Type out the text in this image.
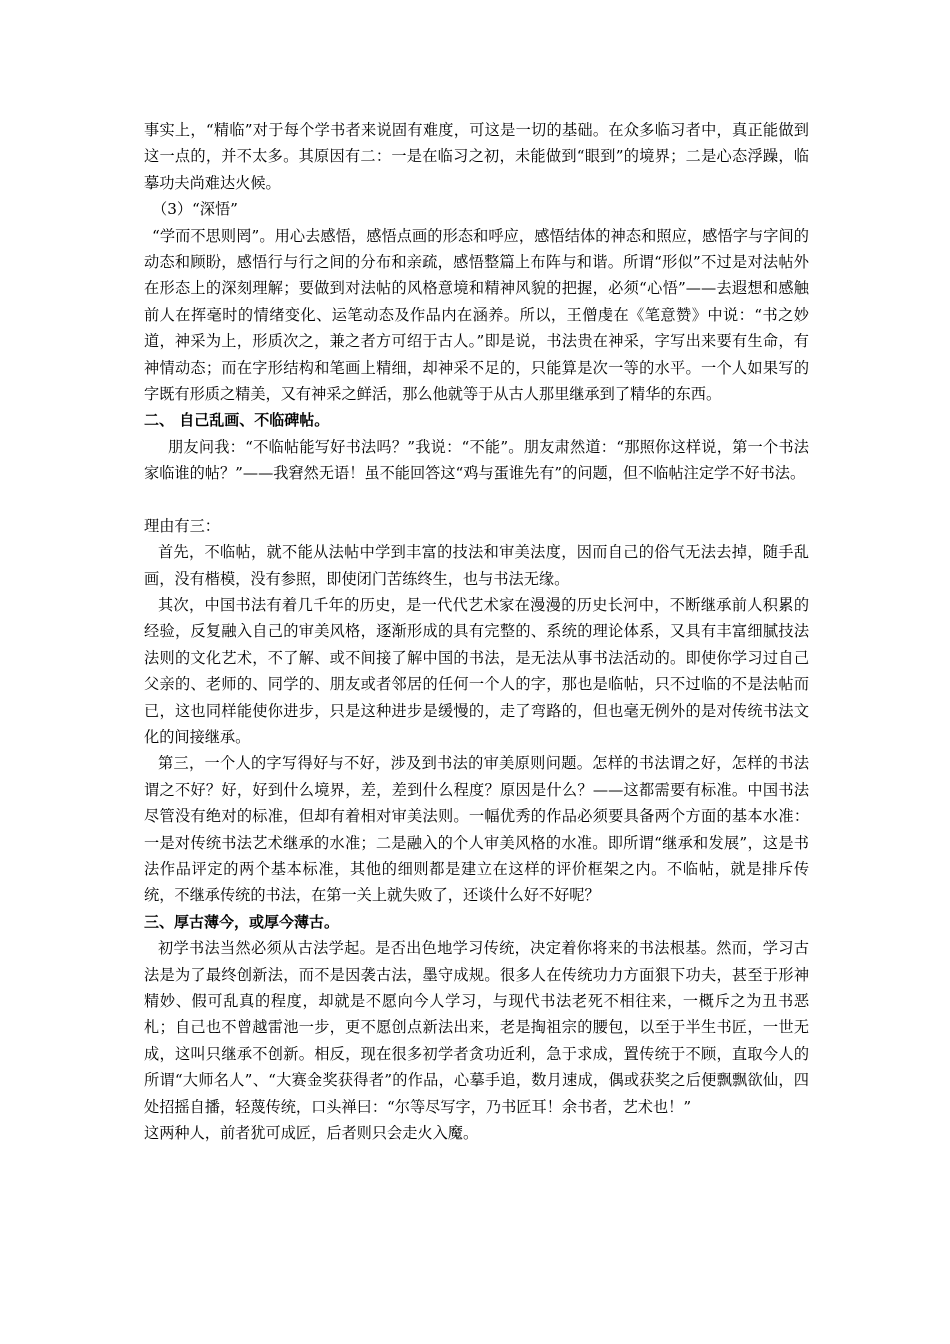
事实上，“精临”对于每个学书者来说固有难度，可这是一切的基础。在众多临习者中，真正能做到这一点的，并不太多。其原因有二：一是在临习之初，未能做到“眼到”的境界；二是心态浮躁，临摹功夫尚难达火候。

（3）“深悟”

“学而不思则罔”。用心去感悟，感悟点画的形态和呼应，感悟结体的神态和照应，感悟字与字间的动态和顾盼，感悟行与行之间的分布和亲疏，感悟整篇上布阵与和谐。所谓“形似”不过是对法帖外在形态上的深刻理解；要做到对法帖的风格意境和精神风貌的把握，必须“心悟”——去遐想和感触前人在挥毫时的情绪变化、运笔动态及作品内在涵养。所以，王僧虔在《笔意赞》中说：“书之妙道，神采为上，形质次之，兼之者方可绍于古人。”即是说，书法贵在神采，字写出来要有生命，有神情动态；而在字形结构和笔画上精细，却神采不足的，只能算是次一等的水平。一个人如果写的字既有形质之精美，又有神采之鲜活，那么他就等于从古人那里继承到了精华的东西。

二、 自己乱画、不临碑帖。

朋友问我：“不临帖能写好书法吗？”我说：“不能”。朋友肃然道：“那照你这样说，第一个书法家临谁的帖？”——我窘然无语！虽不能回答这“鸡与蛋谁先有”的问题，但不临帖注定学不好书法。

理由有三：

首先，不临帖，就不能从法帖中学到丰富的技法和审美法度，因而自己的俗气无法去掉，随手乱画，没有楷模，没有参照，即使闭门苦练终生，也与书法无缘。

其次，中国书法有着几千年的历史，是一代代艺术家在漫漫的历史长河中，不断继承前人积累的经验，反复融入自己的审美风格，逐渐形成的具有完整的、系统的理论体系，又具有丰富细腻技法法则的文化艺术，不了解、或不间接了解中国的书法，是无法从事书法活动的。即使你学习过自己父亲的、老师的、同学的、朋友或者邻居的任何一个人的字，那也是临帖，只不过临的不是法帖而已，这也同样能使你进步，只是这种进步是缓慢的，走了弯路的，但也毫无例外的是对传统书法文化的间接继承。

第三，一个人的字写得好与不好，涉及到书法的审美原则问题。怎样的书法谓之好，怎样的书法谓之不好？好，好到什么境界，差，差到什么程度？原因是什么？——这都需要有标准。中国书法尽管没有绝对的标准，但却有着相对审美法则。一幅优秀的作品必须要具备两个方面的基本水准：一是对传统书法艺术继承的水准；二是融入的个人审美风格的水准。即所谓“继承和发展”，这是书法作品评定的两个基本标准，其他的细则都是建立在这样的评价框架之内。不临帖，就是排斥传统，不继承传统的书法，在第一关上就失败了，还谈什么好不好呢？

三、厚古薄今，或厚今薄古。

初学书法当然必须从古法学起。是否出色地学习传统，决定着你将来的书法根基。然而，学习古法是为了最终创新法，而不是因袭古法，墨守成规。很多人在传统功力方面狠下功夫，甚至于形神精妙、假可乱真的程度，却就是不愿向今人学习，与现代书法老死不相往来，一概斥之为丑书恶札；自己也不曾越雷池一步，更不愿创点新法出来，老是掏祖宗的腰包，以至于半生书匠，一世无成，这叫只继承不创新。相反，现在很多初学者贪功近利，急于求成，置传统于不顾，直取今人的所谓“大师名人”、“大赛金奖获得者”的作品，心摹手追，数月速成，偶或获奖之后便飘飘欲仙，四处招摇自播，轻蔑传统，口头禅曰：“尔等尽写字，乃书匠耳！余书者，艺术也！”

这两种人，前者犹可成匠，后者则只会走火入魔。
